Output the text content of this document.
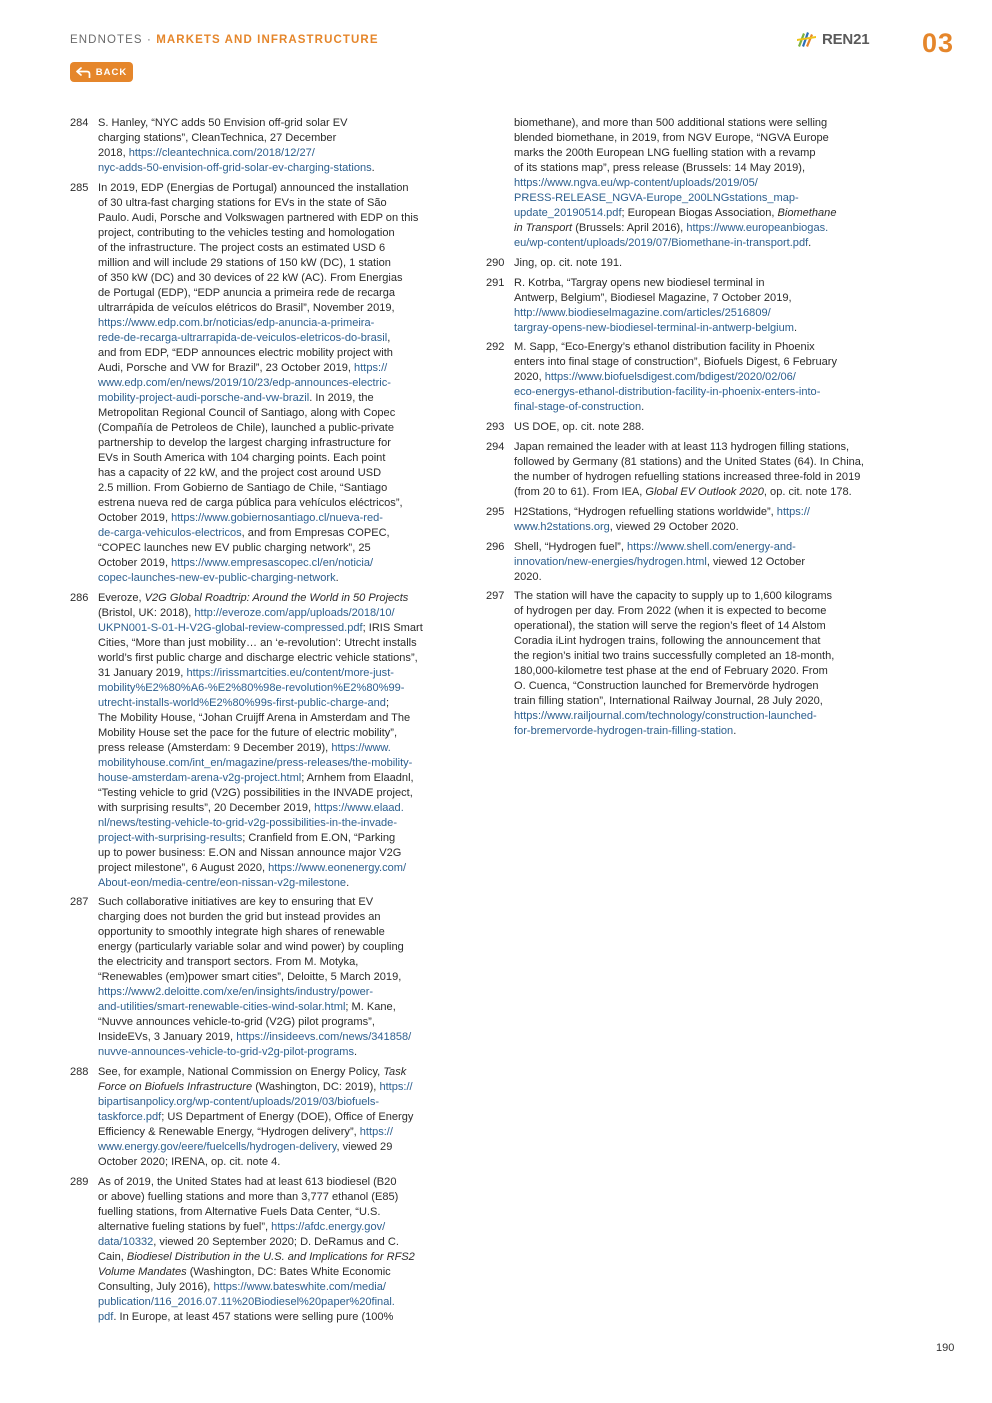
ENDNOTES · MARKETS AND INFRASTRUCTURE
BACK
REN21 03
284 S. Hanley, “NYC adds 50 Envision off-grid solar EV
charging stations”, CleanTechnica, 27 December
2018, https://cleantechnica.com/2018/12/27/
nyc-adds-50-envision-off-grid-solar-ev-charging-stations.
285 In 2019, EDP (Energias de Portugal) announced the installation
of 30 ultra-fast charging stations for EVs in the state of São
Paulo. Audi, Porsche and Volkswagen partnered with EDP on this
project, contributing to the vehicles testing and homologation
of the infrastructure. The project costs an estimated USD 6
million and will include 29 stations of 150 kW (DC), 1 station
of 350 kW (DC) and 30 devices of 22 kW (AC). From Energias
de Portugal (EDP), “EDP anuncia a primeira rede de recarga
ultrarrápida de veículos elétricos do Brasil”, November 2019,
https://www.edp.com.br/noticias/edp-anuncia-a-primeira-
rede-de-recarga-ultrarrapida-de-veiculos-eletricos-do-brasil,
and from EDP, “EDP announces electric mobility project with
Audi, Porsche and VW for Brazil”, 23 October 2019, https://
www.edp.com/en/news/2019/10/23/edp-announces-electric-
mobility-project-audi-porsche-and-vw-brazil. In 2019, the
Metropolitan Regional Council of Santiago, along with Copec
(Compañía de Petroleos de Chile), launched a public-private
partnership to develop the largest charging infrastructure for
EVs in South America with 104 charging points. Each point
has a capacity of 22 kW, and the project cost around USD
2.5 million. From Gobierno de Santiago de Chile, “Santiago
estrena nueva red de carga pública para vehículos eléctricos”,
October 2019, https://www.gobiernosantiago.cl/nueva-red-
de-carga-vehiculos-electricos, and from Empresas COPEC,
“COPEC launches new EV public charging network”, 25
October 2019, https://www.empresascopec.cl/en/noticia/
copec-launches-new-ev-public-charging-network.
286 Everoze, V2G Global Roadtrip: Around the World in 50 Projects
(Bristol, UK: 2018), http://everoze.com/app/uploads/2018/10/
UKPN001-S-01-H-V2G-global-review-compressed.pdf; IRIS Smart
Cities, “More than just mobility… an ‘e-revolution’: Utrecht installs
world’s first public charge and discharge electric vehicle stations”,
31 January 2019, https://irissmartcities.eu/content/more-just-
mobility%E2%80%A6-%E2%80%98e-revolution%E2%80%99-
utrecht-installs-world%E2%80%99s-first-public-charge-and;
The Mobility House, “Johan Cruijff Arena in Amsterdam and The
Mobility House set the pace for the future of electric mobility”,
press release (Amsterdam: 9 December 2019), https://www.
mobilityhouse.com/int_en/magazine/press-releases/the-mobility-
house-amsterdam-arena-v2g-project.html; Arnhem from Elaadnl,
“Testing vehicle to grid (V2G) possibilities in the INVADE project,
with surprising results”, 20 December 2019, https://www.elaad.
nl/news/testing-vehicle-to-grid-v2g-possibilities-in-the-invade-
project-with-surprising-results; Cranfield from E.ON, “Parking
up to power business: E.ON and Nissan announce major V2G
project milestone”, 6 August 2020, https://www.eonenergy.com/
About-eon/media-centre/eon-nissan-v2g-milestone.
287 Such collaborative initiatives are key to ensuring that EV
charging does not burden the grid but instead provides an
opportunity to smoothly integrate high shares of renewable
energy (particularly variable solar and wind power) by coupling
the electricity and transport sectors. From M. Motyka,
“Renewables (em)power smart cities”, Deloitte, 5 March 2019,
https://www2.deloitte.com/xe/en/insights/industry/power-
and-utilities/smart-renewable-cities-wind-solar.html; M. Kane,
“Nuvve announces vehicle-to-grid (V2G) pilot programs”,
InsideEVs, 3 January 2019, https://insideevs.com/news/341858/
nuvve-announces-vehicle-to-grid-v2g-pilot-programs.
288 See, for example, National Commission on Energy Policy, Task
Force on Biofuels Infrastructure (Washington, DC: 2019), https://
bipartisanpolicy.org/wp-content/uploads/2019/03/biofuels-
taskforce.pdf; US Department of Energy (DOE), Office of Energy
Efficiency & Renewable Energy, “Hydrogen delivery”, https://
www.energy.gov/eere/fuelcells/hydrogen-delivery, viewed 29
October 2020; IRENA, op. cit. note 4.
289 As of 2019, the United States had at least 613 biodiesel (B20
or above) fuelling stations and more than 3,777 ethanol (E85)
fuelling stations, from Alternative Fuels Data Center, “U.S.
alternative fueling stations by fuel”, https://afdc.energy.gov/
data/10332, viewed 20 September 2020; D. DeRamus and C.
Cain, Biodiesel Distribution in the U.S. and Implications for RFS2
Volume Mandates (Washington, DC: Bates White Economic
Consulting, July 2016), https://www.bateswhite.com/media/
publication/116_2016.07.11%20Biodiesel%20paper%20final.
pdf. In Europe, at least 457 stations were selling pure (100%
biomethane), and more than 500 additional stations were selling
blended biomethane, in 2019, from NGV Europe, “NGVA Europe
marks the 200th European LNG fuelling station with a revamp
of its stations map”, press release (Brussels: 14 May 2019),
https://www.ngva.eu/wp-content/uploads/2019/05/
PRESS-RELEASE_NGVA-Europe_200LNGstations_map-
update_20190514.pdf; European Biogas Association, Biomethane
in Transport (Brussels: April 2016), https://www.europeanbiogas.
eu/wp-content/uploads/2019/07/Biomethane-in-transport.pdf.
290 Jing, op. cit. note 191.
291 R. Kotrba, “Targray opens new biodiesel terminal in
Antwerp, Belgium”, Biodiesel Magazine, 7 October 2019,
http://www.biodieselmagazine.com/articles/2516809/
targray-opens-new-biodiesel-terminal-in-antwerp-belgium.
292 M. Sapp, “Eco-Energy’s ethanol distribution facility in Phoenix
enters into final stage of construction”, Biofuels Digest, 6 February
2020, https://www.biofuelsdigest.com/bdigest/2020/02/06/
eco-energys-ethanol-distribution-facility-in-phoenix-enters-into-
final-stage-of-construction.
293 US DOE, op. cit. note 288.
294 Japan remained the leader with at least 113 hydrogen filling stations,
followed by Germany (81 stations) and the United States (64). In China,
the number of hydrogen refuelling stations increased three-fold in 2019
(from 20 to 61). From IEA, Global EV Outlook 2020, op. cit. note 178.
295 H2Stations, “Hydrogen refuelling stations worldwide”, https://
www.h2stations.org, viewed 29 October 2020.
296 Shell, “Hydrogen fuel”, https://www.shell.com/energy-and-
innovation/new-energies/hydrogen.html, viewed 12 October
2020.
297 The station will have the capacity to supply up to 1,600 kilograms
of hydrogen per day. From 2022 (when it is expected to become
operational), the station will serve the region’s fleet of 14 Alstom
Coradia iLint hydrogen trains, following the announcement that
the region’s initial two trains successfully completed an 18-month,
180,000-kilometre test phase at the end of February 2020. From
O. Cuenca, “Construction launched for Bremervörde hydrogen
train filling station”, International Railway Journal, 28 July 2020,
https://www.railjournal.com/technology/construction-launched-
for-bremervorde-hydrogen-train-filling-station.
190
